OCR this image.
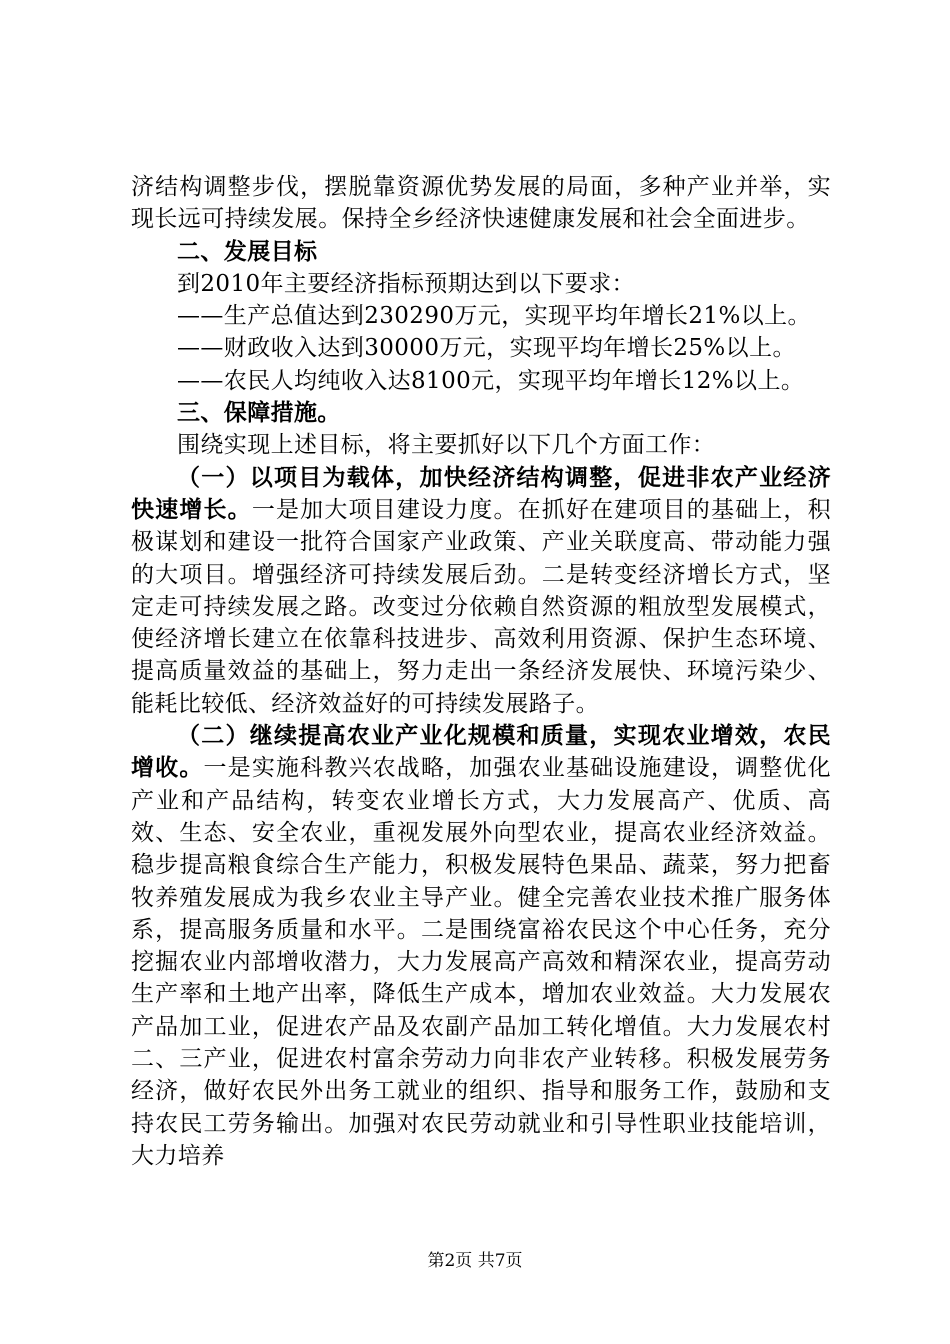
济结构调整步伐，摆脱靠资源优势发展的局面，多种产业并举，实现长远可持续发展。保持全乡经济快速健康发展和社会全面进步。

二、发展目标

到2010年主要经济指标预期达到以下要求：

——生产总值达到230290万元，实现平均年增长21%以上。

——财政收入达到30000万元，实现平均年增长25%以上。

——农民人均纯收入达8100元，实现平均年增长12%以上。

三、保障措施。

围绕实现上述目标，将主要抓好以下几个方面工作：

（一）以项目为载体，加快经济结构调整，促进非农产业经济快速增长。一是加大项目建设力度。在抓好在建项目的基础上，积极谋划和建设一批符合国家产业政策、产业关联度高、带动能力强的大项目。增强经济可持续发展后劲。二是转变经济增长方式，坚定走可持续发展之路。改变过分依赖自然资源的粗放型发展模式，使经济增长建立在依靠科技进步、高效利用资源、保护生态环境、提高质量效益的基础上，努力走出一条经济发展快、环境污染少、能耗比较低、经济效益好的可持续发展路子。

（二）继续提高农业产业化规模和质量，实现农业增效，农民增收。一是实施科教兴农战略，加强农业基础设施建设，调整优化产业和产品结构，转变农业增长方式，大力发展高产、优质、高效、生态、安全农业，重视发展外向型农业，提高农业经济效益。稳步提高粮食综合生产能力，积极发展特色果品、蔬菜，努力把畜牧养殖发展成为我乡农业主导产业。健全完善农业技术推广服务体系，提高服务质量和水平。二是围绕富裕农民这个中心任务，充分挖掘农业内部增收潜力，大力发展高产高效和精深农业，提高劳动生产率和土地产出率，降低生产成本，增加农业效益。大力发展农产品加工业，促进农产品及农副产品加工转化增值。大力发展农村二、三产业，促进农村富余劳动力向非农产业转移。积极发展劳务经济，做好农民外出务工就业的组织、指导和服务工作，鼓励和支持农民工劳务输出。加强对农民劳动就业和引导性职业技能培训，大力培养

第2页 共7页
